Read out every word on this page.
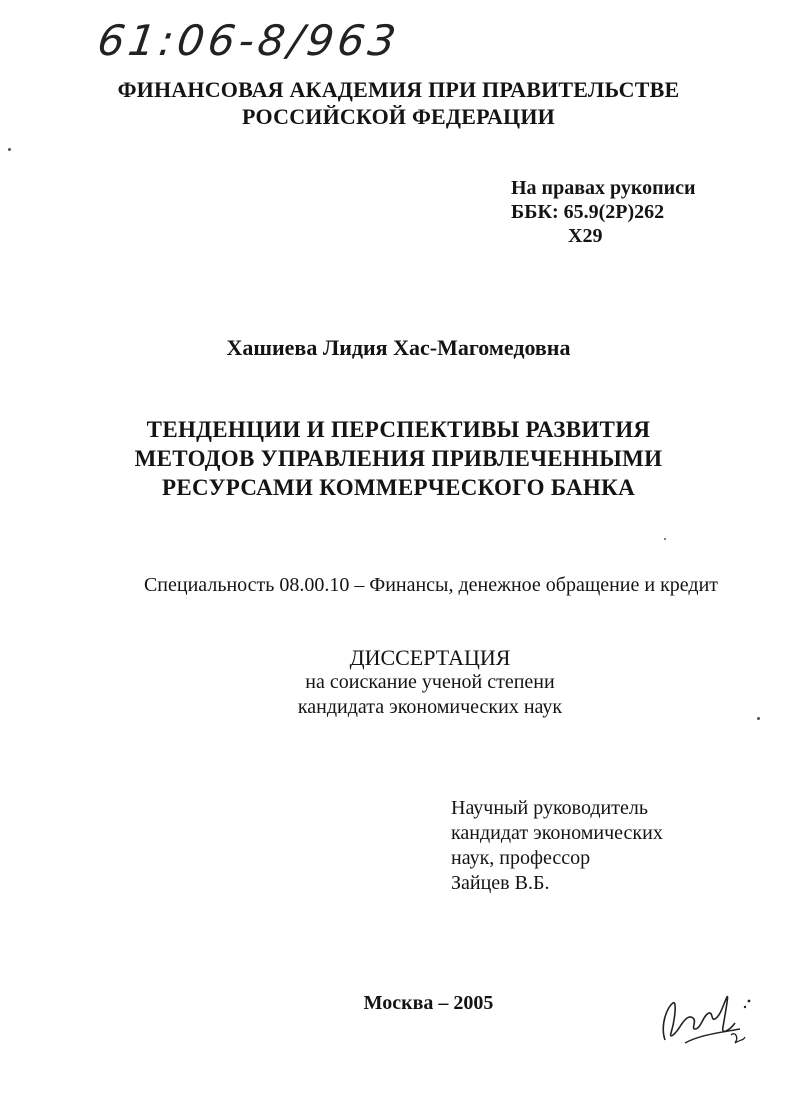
61:06-8/963
ФИНАНСОВАЯ АКАДЕМИЯ ПРИ ПРАВИТЕЛЬСТВЕ
РОССИЙСКОЙ ФЕДЕРАЦИИ
На правах рукописи
ББК: 65.9(2Р)262
Х29
Хашиева Лидия Хас-Магомедовна
ТЕНДЕНЦИИ И ПЕРСПЕКТИВЫ РАЗВИТИЯ
МЕТОДОВ УПРАВЛЕНИЯ ПРИВЛЕЧЕННЫМИ
РЕСУРСАМИ КОММЕРЧЕСКОГО БАНКА
Специальность 08.00.10 – Финансы, денежное обращение и кредит
ДИССЕРТАЦИЯ
на соискание ученой степени
кандидата экономических наук
Научный руководитель
кандидат экономических
наук, профессор
Зайцев В.Б.
Москва – 2005
